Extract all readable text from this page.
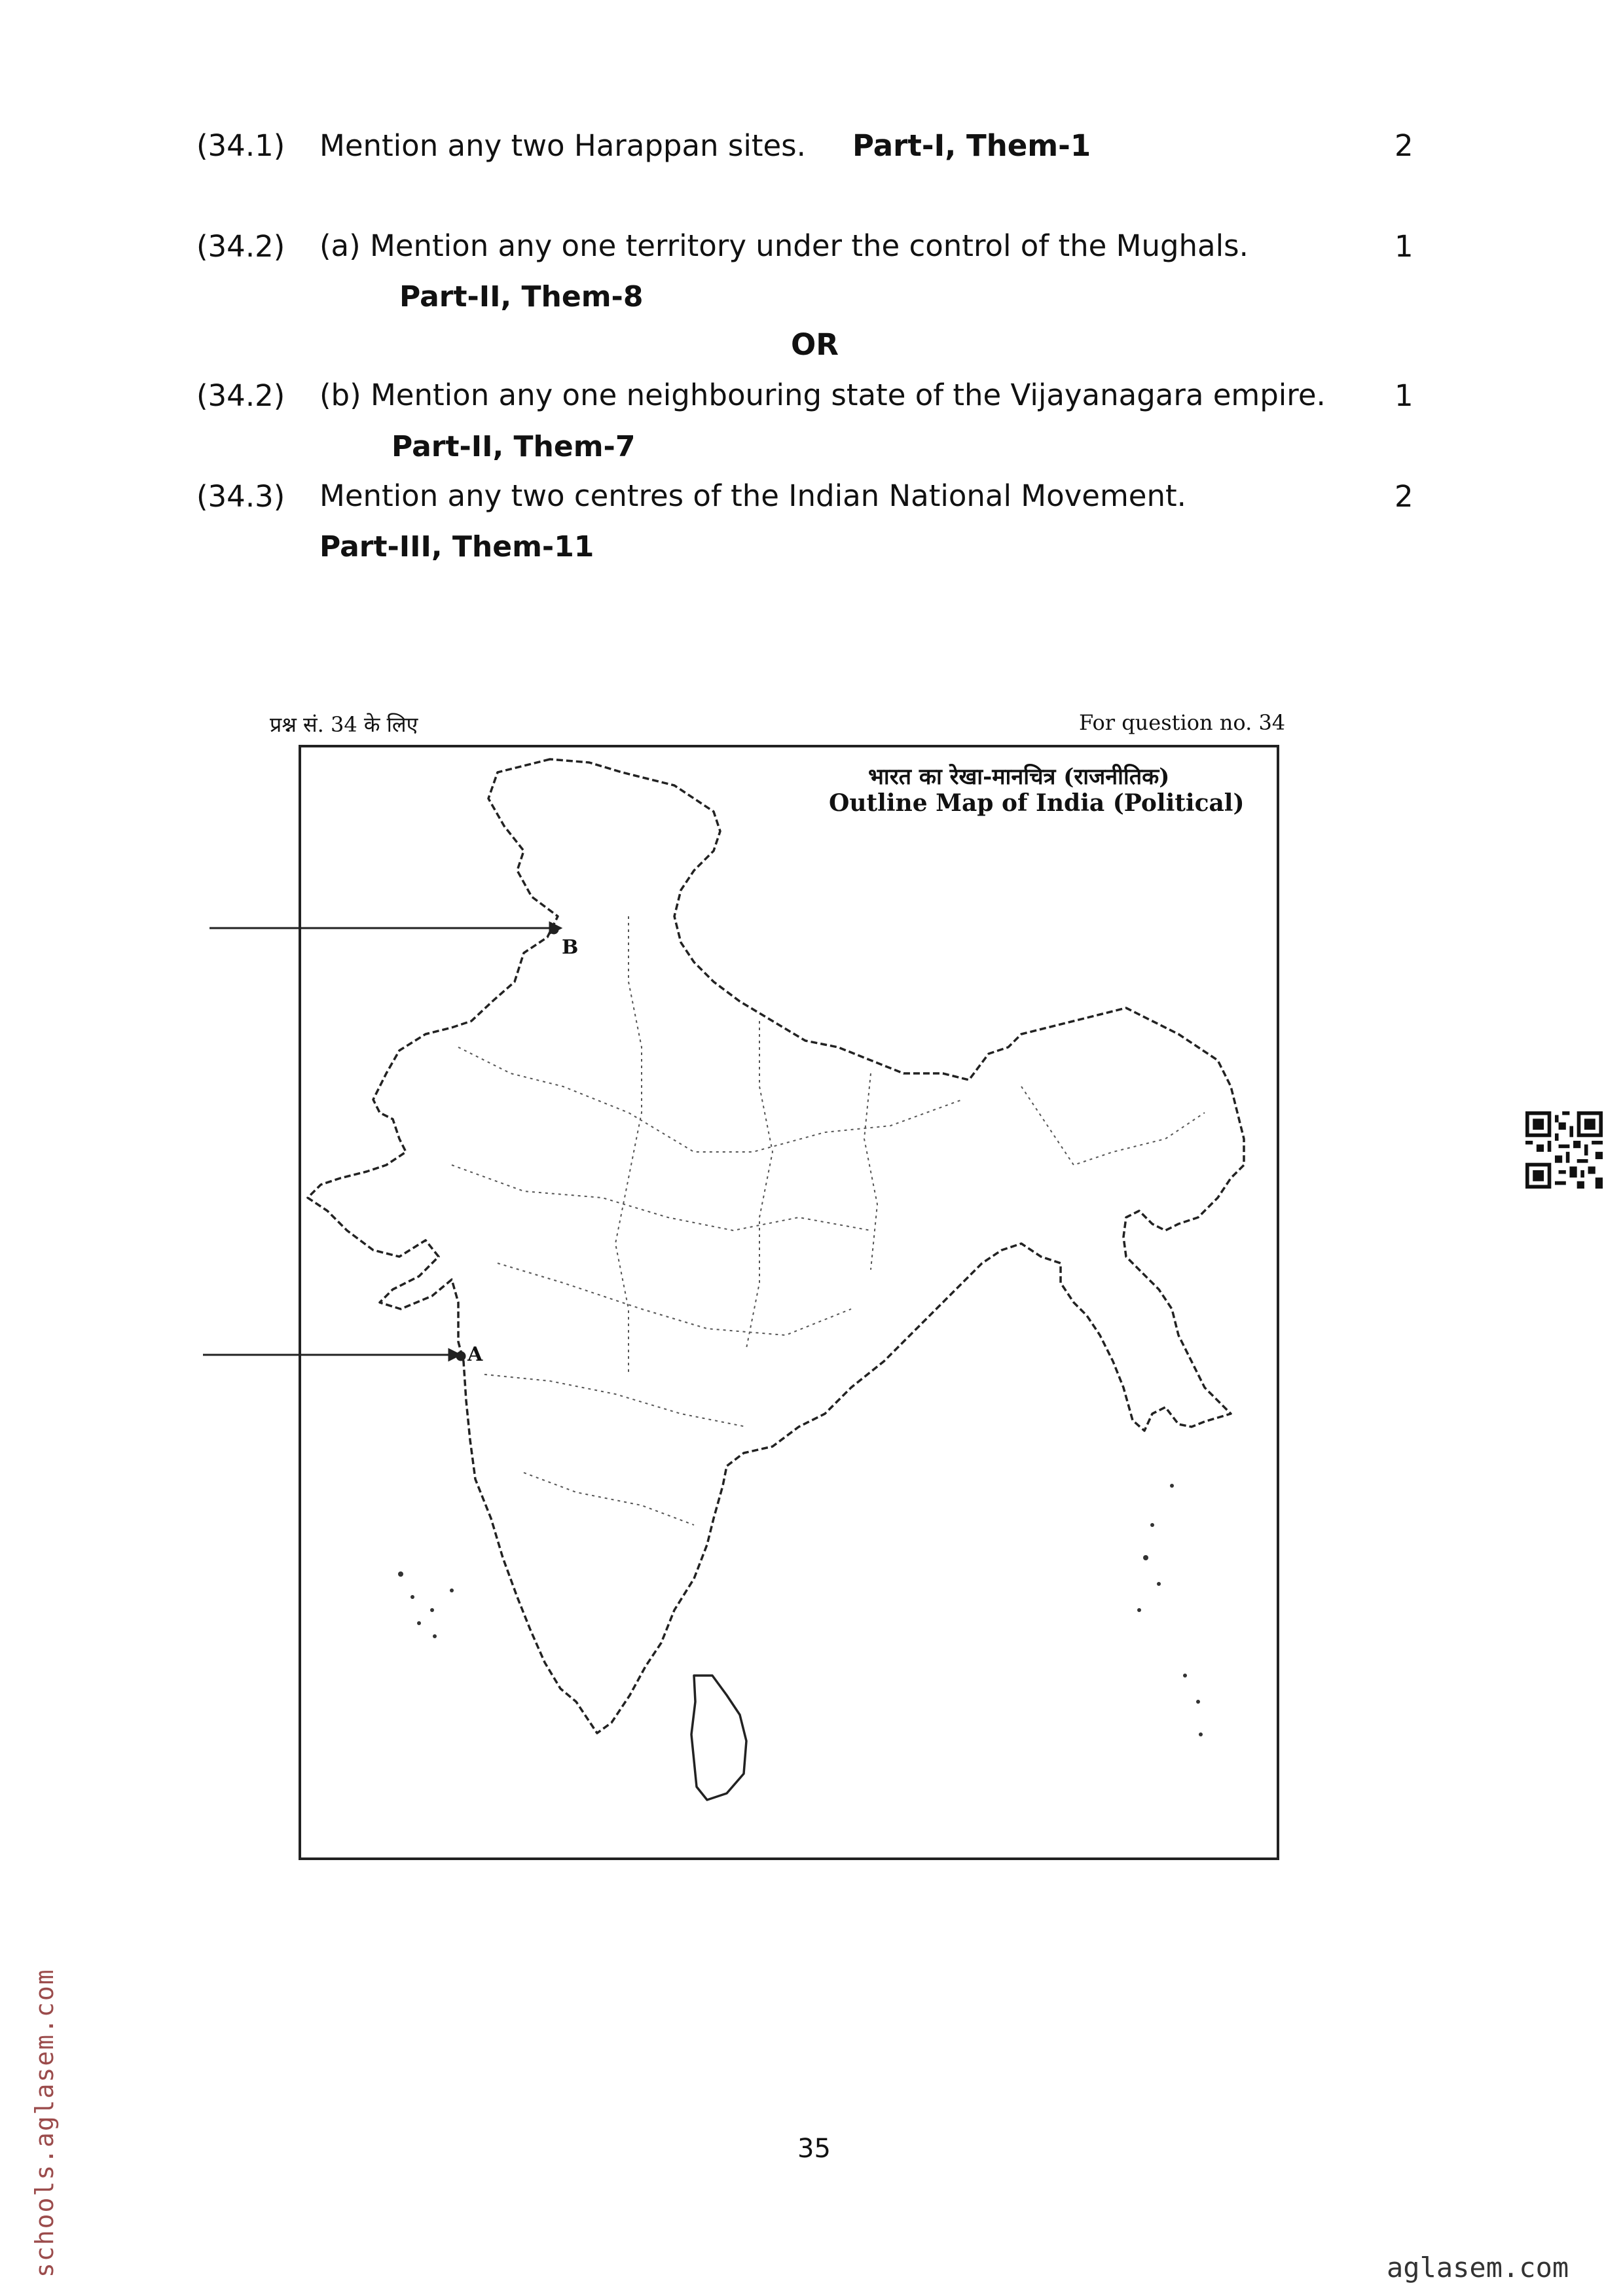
(34.1) Mention any two Harappan sites. Part-I, Them-1	2
(34.2) (a) Mention any one territory under the control of the Mughals.	1
Part-II, Them-8
OR
(34.2) (b) Mention any one neighbouring state of the Vijayanagara empire. 1
Part-II, Them-7
(34.3) Mention any two centres of the Indian National Movement.	2
Part-III, Them-11
प्रश्न सं. 34 के लिए	For question no. 34
भारत का रेखा-मानचित्र (राजनीतिक)
Outline Map of India (Political)
B
A
35
schools.aglasem.com	aglasem.com
